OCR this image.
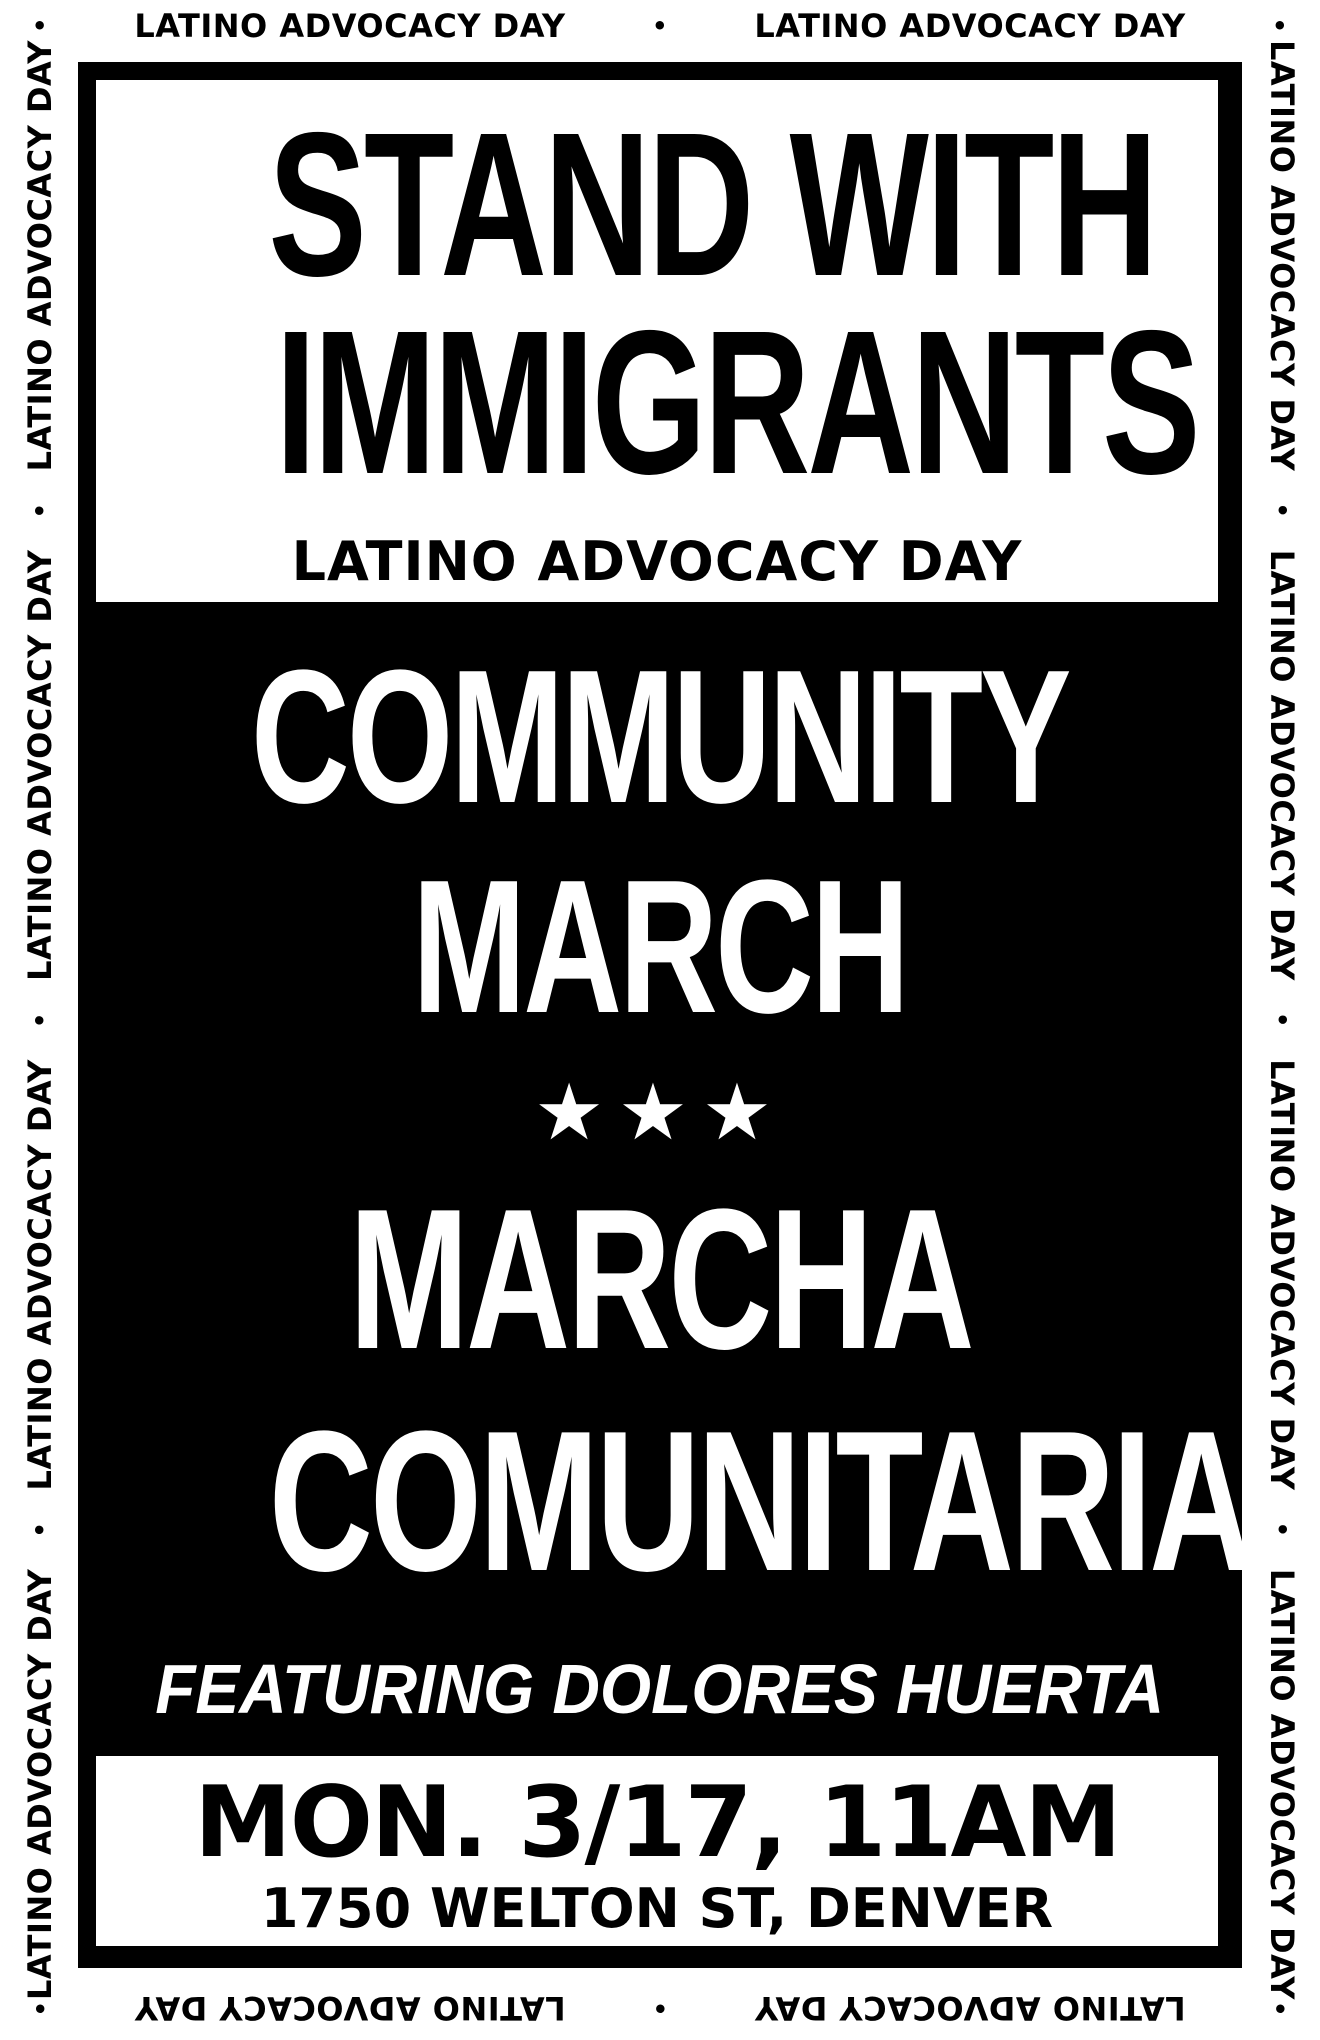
•	LATINO ADVOCACY DAY	•	LATINO ADVOCACY DAY	•
LATINO ADVOCACY DAY
•
LATINO ADVOCACY DAY
•
LATINO ADVOCACY DAY
•
LATINO ADVOCACY DAY	LATINO ADVOCACY DAY
•
LATINO ADVOCACY DAY
•
LATINO ADVOCACY DAY
•
LATINO ADVOCACY DAY
•
LATINO ADVOCACY DAY
•
LATINO ADVOCACY DAY
•
STAND WITH
IMMIGRANTS
LATINO ADVOCACY DAY
COMMUNITY
MARCH
★★★
MARCHA
COMUNITARIA
FEATURING DOLORES HUERTA
MON. 3/17, 11AM
1750 WELTON ST, DENVER
